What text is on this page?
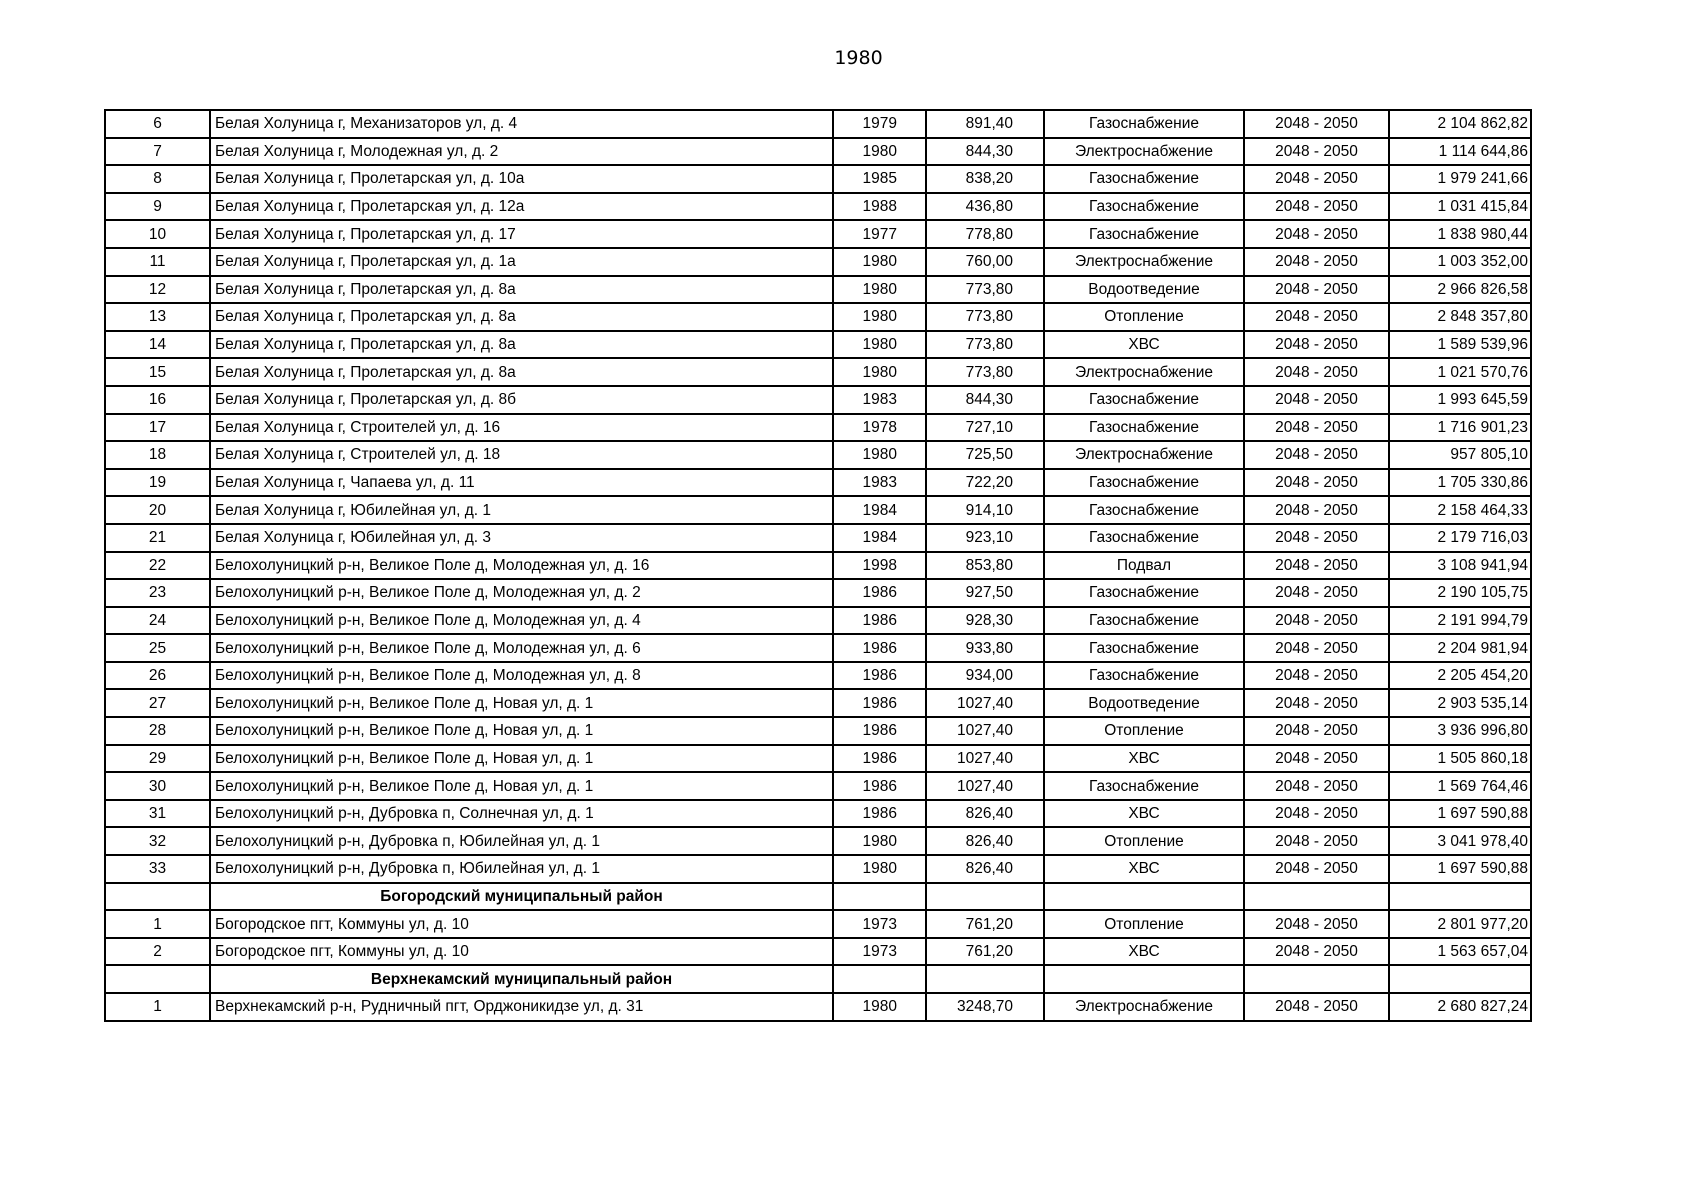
1980
6	Белая Холуница г, Механизаторов ул, д. 4	1979	891,40	Газоснабжение	2048 - 2050	2 104 862,82
7	Белая Холуница г, Молодежная ул, д. 2	1980	844,30	Электроснабжение	2048 - 2050	1 114 644,86
8	Белая Холуница г, Пролетарская ул, д. 10а	1985	838,20	Газоснабжение	2048 - 2050	1 979 241,66
9	Белая Холуница г, Пролетарская ул, д. 12а	1988	436,80	Газоснабжение	2048 - 2050	1 031 415,84
10	Белая Холуница г, Пролетарская ул, д. 17	1977	778,80	Газоснабжение	2048 - 2050	1 838 980,44
11	Белая Холуница г, Пролетарская ул, д. 1а	1980	760,00	Электроснабжение	2048 - 2050	1 003 352,00
12	Белая Холуница г, Пролетарская ул, д. 8а	1980	773,80	Водоотведение	2048 - 2050	2 966 826,58
13	Белая Холуница г, Пролетарская ул, д. 8а	1980	773,80	Отопление	2048 - 2050	2 848 357,80
14	Белая Холуница г, Пролетарская ул, д. 8а	1980	773,80	ХВС	2048 - 2050	1 589 539,96
15	Белая Холуница г, Пролетарская ул, д. 8а	1980	773,80	Электроснабжение	2048 - 2050	1 021 570,76
16	Белая Холуница г, Пролетарская ул, д. 8б	1983	844,30	Газоснабжение	2048 - 2050	1 993 645,59
17	Белая Холуница г, Строителей ул, д. 16	1978	727,10	Газоснабжение	2048 - 2050	1 716 901,23
18	Белая Холуница г, Строителей ул, д. 18	1980	725,50	Электроснабжение	2048 - 2050	957 805,10
19	Белая Холуница г, Чапаева ул, д. 11	1983	722,20	Газоснабжение	2048 - 2050	1 705 330,86
20	Белая Холуница г, Юбилейная ул, д. 1	1984	914,10	Газоснабжение	2048 - 2050	2 158 464,33
21	Белая Холуница г, Юбилейная ул, д. 3	1984	923,10	Газоснабжение	2048 - 2050	2 179 716,03
22	Белохолуницкий р-н, Великое Поле д, Молодежная ул, д. 16	1998	853,80	Подвал	2048 - 2050	3 108 941,94
23	Белохолуницкий р-н, Великое Поле д, Молодежная ул, д. 2	1986	927,50	Газоснабжение	2048 - 2050	2 190 105,75
24	Белохолуницкий р-н, Великое Поле д, Молодежная ул, д. 4	1986	928,30	Газоснабжение	2048 - 2050	2 191 994,79
25	Белохолуницкий р-н, Великое Поле д, Молодежная ул, д. 6	1986	933,80	Газоснабжение	2048 - 2050	2 204 981,94
26	Белохолуницкий р-н, Великое Поле д, Молодежная ул, д. 8	1986	934,00	Газоснабжение	2048 - 2050	2 205 454,20
27	Белохолуницкий р-н, Великое Поле д, Новая ул, д. 1	1986	1027,40	Водоотведение	2048 - 2050	2 903 535,14
28	Белохолуницкий р-н, Великое Поле д, Новая ул, д. 1	1986	1027,40	Отопление	2048 - 2050	3 936 996,80
29	Белохолуницкий р-н, Великое Поле д, Новая ул, д. 1	1986	1027,40	ХВС	2048 - 2050	1 505 860,18
30	Белохолуницкий р-н, Великое Поле д, Новая ул, д. 1	1986	1027,40	Газоснабжение	2048 - 2050	1 569 764,46
31	Белохолуницкий р-н, Дубровка п, Солнечная ул, д. 1	1986	826,40	ХВС	2048 - 2050	1 697 590,88
32	Белохолуницкий р-н, Дубровка п, Юбилейная ул, д. 1	1980	826,40	Отопление	2048 - 2050	3 041 978,40
33	Белохолуницкий р-н, Дубровка п, Юбилейная ул, д. 1	1980	826,40	ХВС	2048 - 2050	1 697 590,88
	Богородский муниципальный район					
1	Богородское пгт, Коммуны ул, д. 10	1973	761,20	Отопление	2048 - 2050	2 801 977,20
2	Богородское пгт, Коммуны ул, д. 10	1973	761,20	ХВС	2048 - 2050	1 563 657,04
	Верхнекамский муниципальный район					
1	Верхнекамский р-н, Рудничный пгт, Орджоникидзе ул, д. 31	1980	3248,70	Электроснабжение	2048 - 2050	2 680 827,24
